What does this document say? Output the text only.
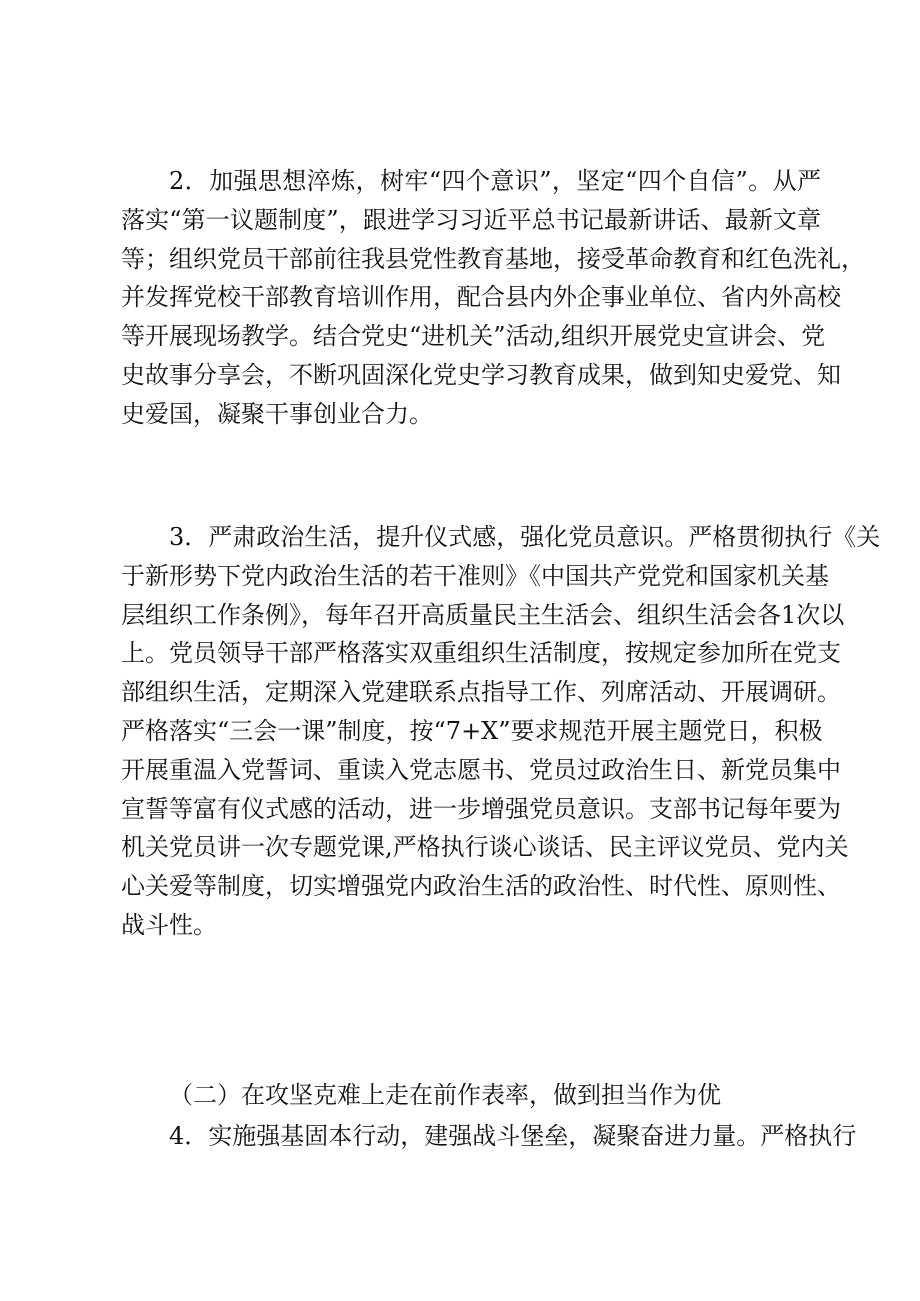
2．加强思想淬炼，树牢“四个意识”，坚定“四个自信”。从严
落实“第一议题制度”，跟进学习习近平总书记最新讲话、最新文章
等；组织党员干部前往我县党性教育基地，接受革命教育和红色洗礼，
并发挥党校干部教育培训作用，配合县内外企事业单位、省内外高校
等开展现场教学。结合党史“进机关”活动,组织开展党史宣讲会、党
史故事分享会，不断巩固深化党史学习教育成果，做到知史爱党、知
史爱国，凝聚干事创业合力。
3．严肃政治生活，提升仪式感，强化党员意识。严格贯彻执行《关
于新形势下党内政治生活的若干准则》《中国共产党党和国家机关基
层组织工作条例》，每年召开高质量民主生活会、组织生活会各1次以
上。党员领导干部严格落实双重组织生活制度，按规定参加所在党支
部组织生活，定期深入党建联系点指导工作、列席活动、开展调研。
严格落实“三会一课”制度，按“7+X”要求规范开展主题党日，积极
开展重温入党誓词、重读入党志愿书、党员过政治生日、新党员集中
宣誓等富有仪式感的活动，进一步增强党员意识。支部书记每年要为
机关党员讲一次专题党课,严格执行谈心谈话、民主评议党员、党内关
心关爱等制度，切实增强党内政治生活的政治性、时代性、原则性、
战斗性。
（二）在攻坚克难上走在前作表率，做到担当作为优
4．实施强基固本行动，建强战斗堡垒，凝聚奋进力量。严格执行
